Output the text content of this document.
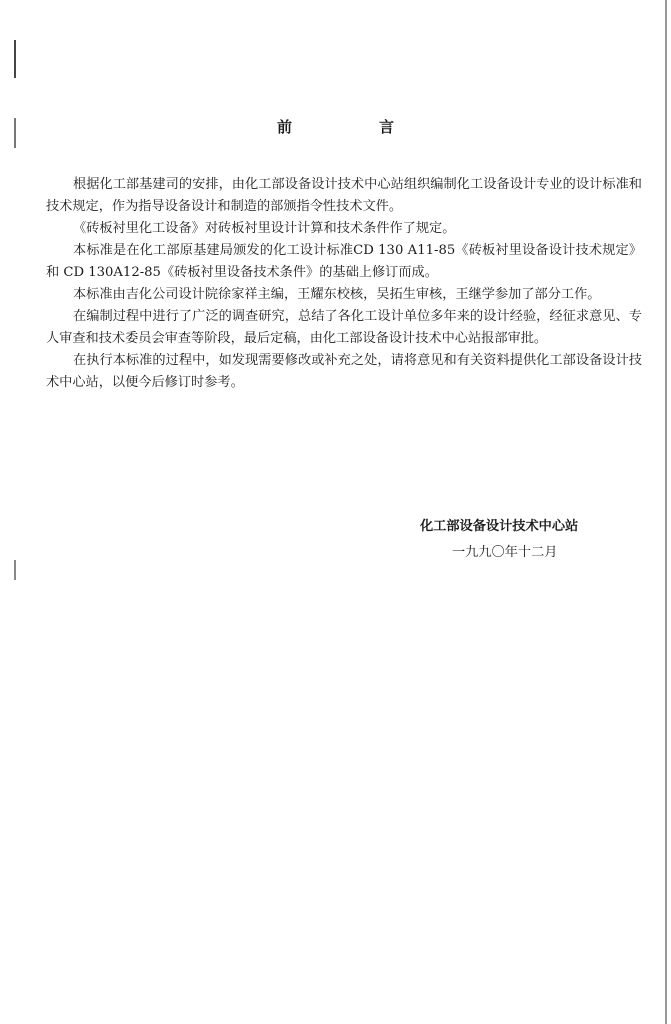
前　言

根据化工部基建司的安排，由化工部设备设计技术中心站组织编制化工设备设计专业的设计标准和技术规定，作为指导设备设计和制造的部颁指令性技术文件。

《砖板衬里化工设备》对砖板衬里设计计算和技术条件作了规定。

本标准是在化工部原基建局颁发的化工设计标准CD 130 A11-85《砖板衬里设备设计技术规定》和 CD 130A12-85《砖板衬里设备技术条件》的基础上修订而成。

本标准由吉化公司设计院徐家祥主编，王耀东校核，吴拓生审核，王继学参加了部分工作。

在编制过程中进行了广泛的调查研究，总结了各化工设计单位多年来的设计经验，经征求意见、专人审查和技术委员会审查等阶段，最后定稿，由化工部设备设计技术中心站报部审批。

在执行本标准的过程中，如发现需要修改或补充之处，请将意见和有关资料提供化工部设备设计技术中心站，以便今后修订时参考。

化工部设备设计技术中心站
一九九〇年十二月
